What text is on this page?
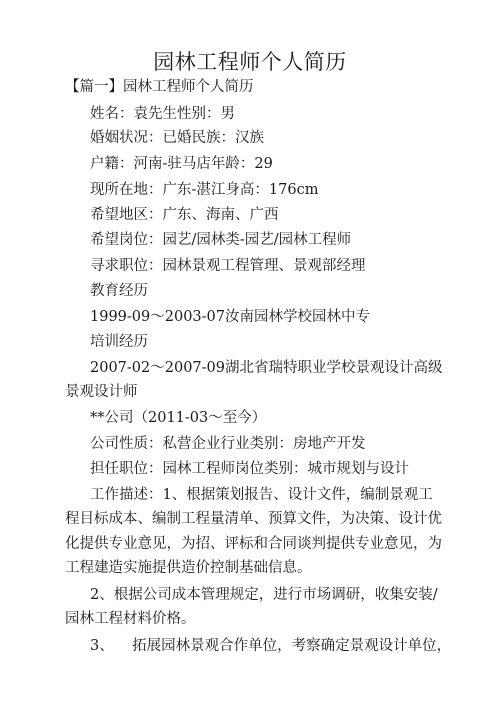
园林工程师个人简历
【篇一】园林工程师个人简历
姓名：袁先生性别：男
婚姻状况：已婚民族：汉族
户籍：河南-驻马店年龄：29
现所在地：广东-湛江身高：176cm
希望地区：广东、海南、广西
希望岗位：园艺/园林类-园艺/园林工程师
寻求职位：园林景观工程管理、景观部经理
教育经历
1999-09～2003-07汝南园林学校园林中专
培训经历
2007-02～2007-09湖北省瑞特职业学校景观设计高级
景观设计师
**公司（2011-03～至今）
公司性质：私营企业行业类别：房地产开发
担任职位：园林工程师岗位类别：城市规划与设计
工作描述：1、根据策划报告、设计文件，编制景观工
程目标成本、编制工程量清单、预算文件，为决策、设计优
化提供专业意见，为招、评标和合同谈判提供专业意见，为
工程建造实施提供造价控制基础信息。
2、根据公司成本管理规定，进行市场调研，收集安装/
园林工程材料价格。
3、    拓展园林景观合作单位，考察确定景观设计单位，
